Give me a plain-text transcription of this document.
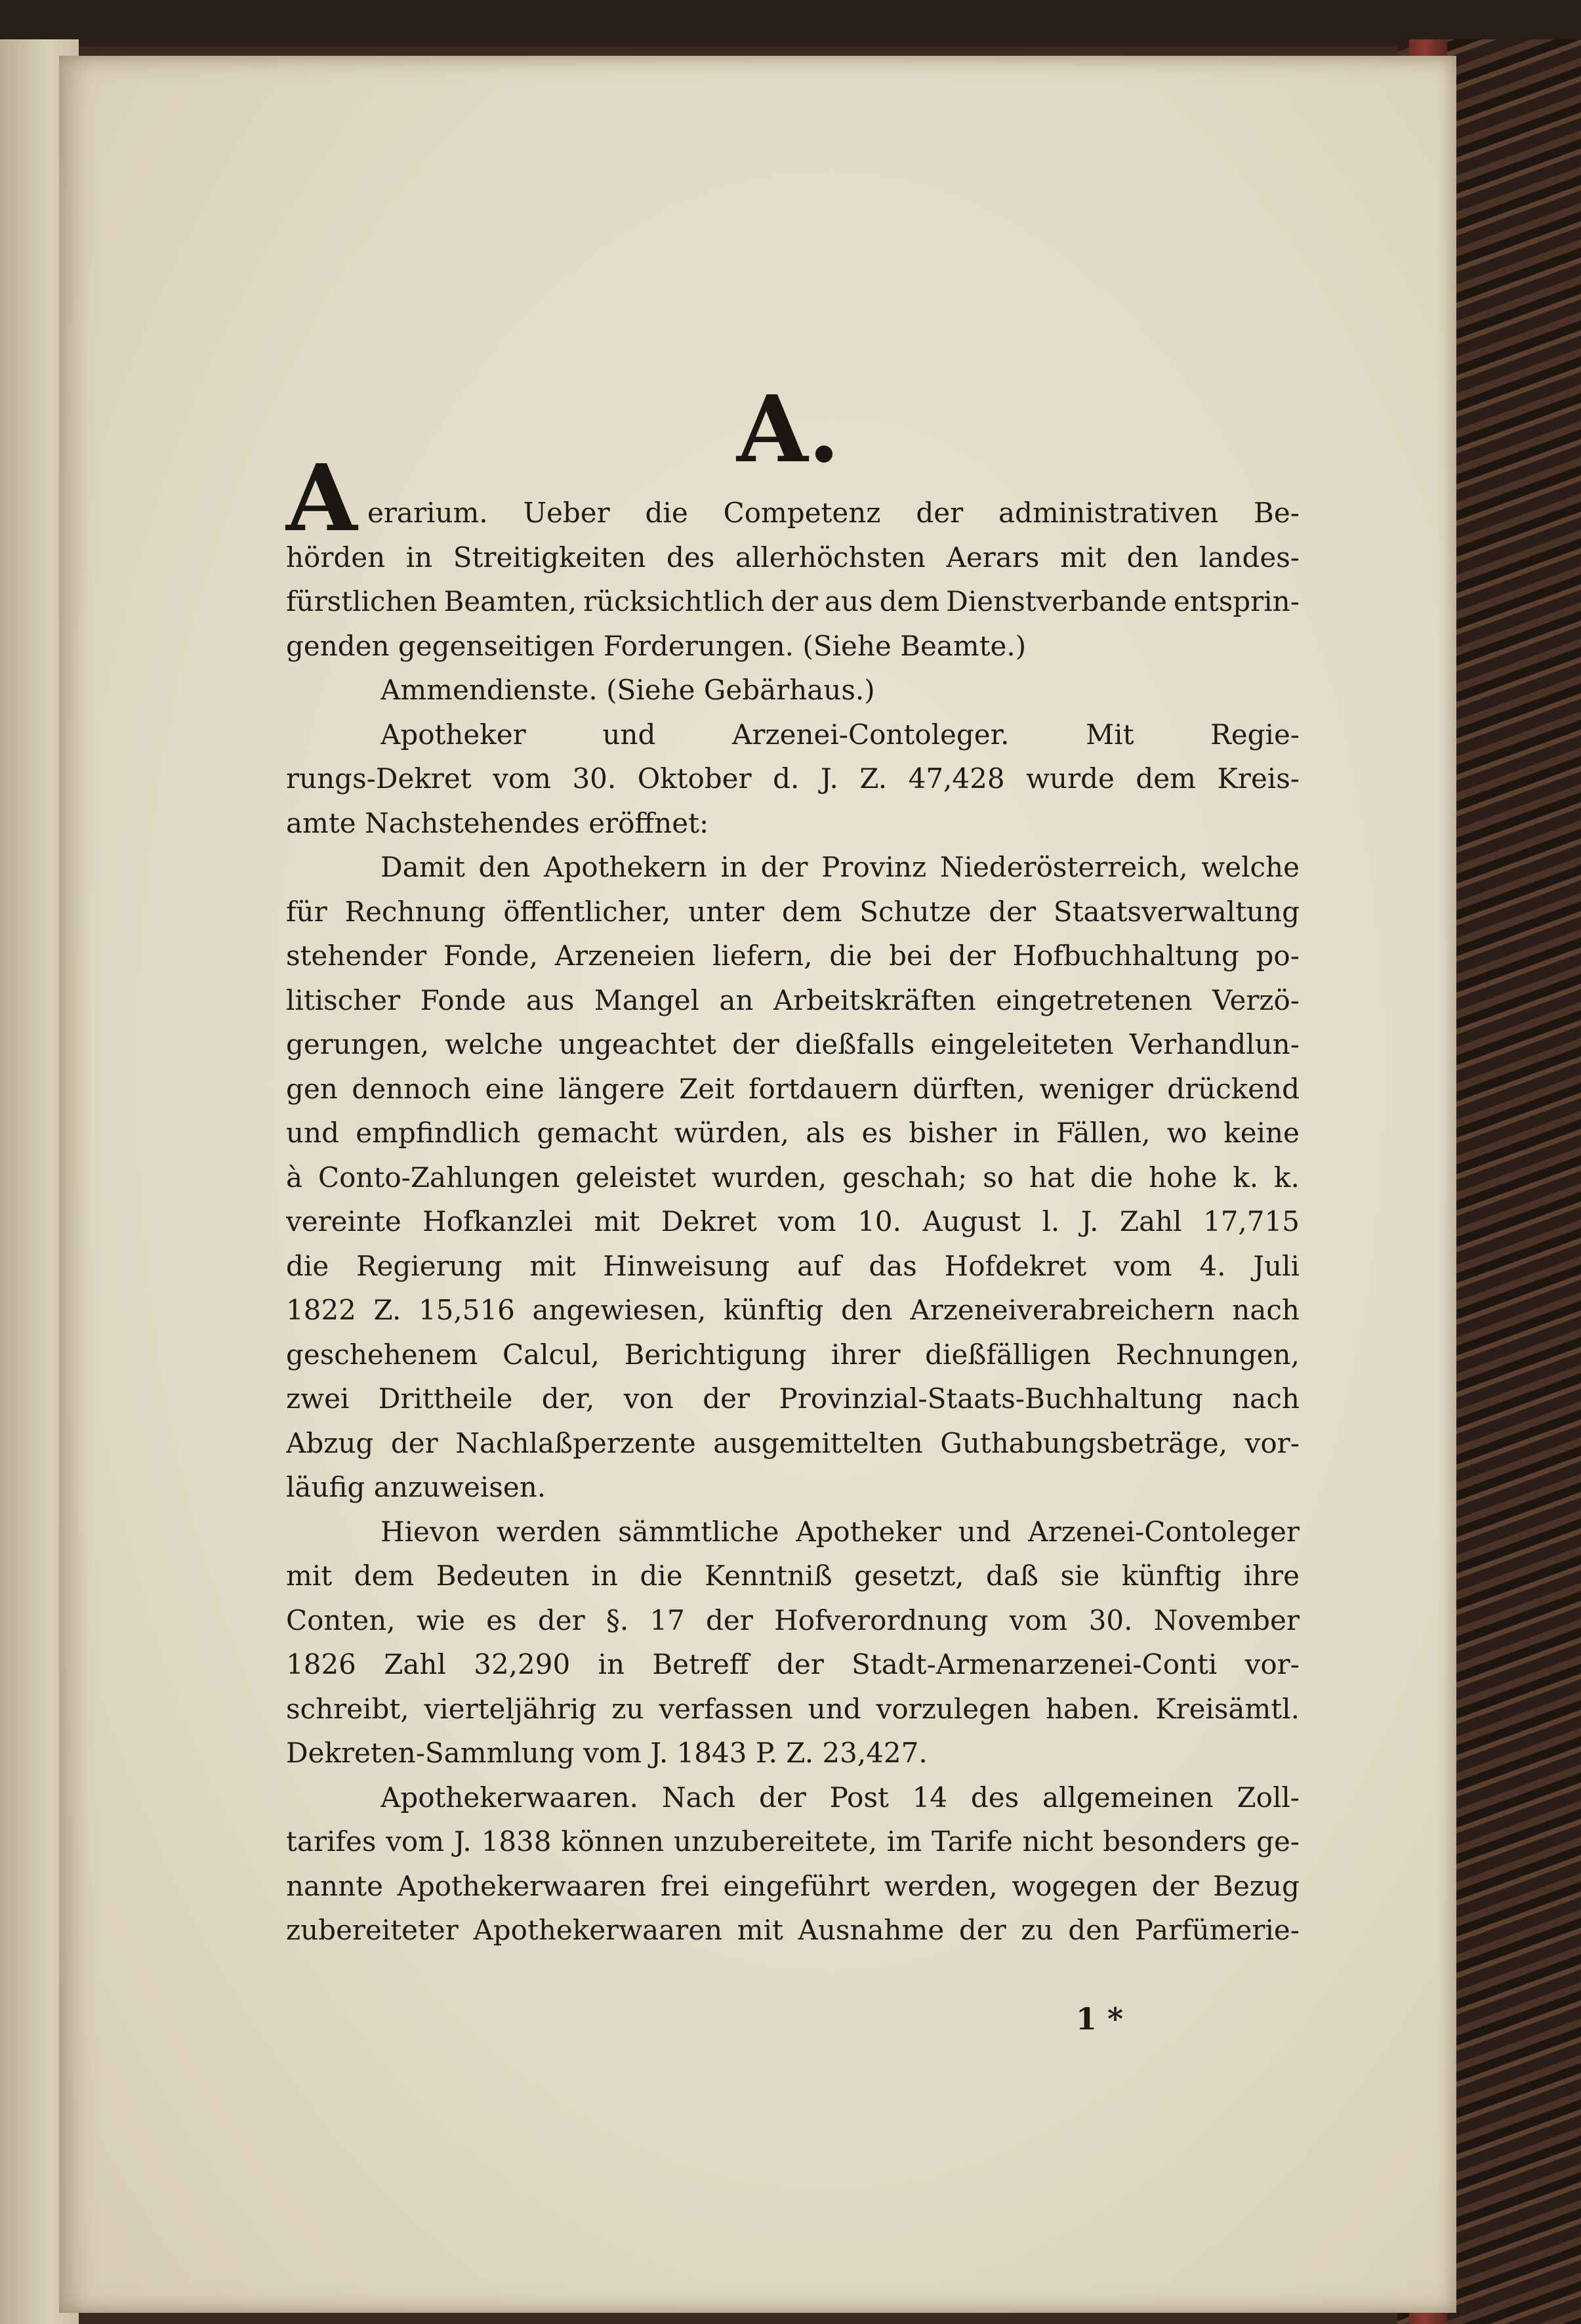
A.
A erarium. Ueber die Competenz der administrativen Be-
hörden in Streitigkeiten des allerhöchsten Aerars mit den landes-
fürstlichen Beamten, rücksichtlich der aus dem Dienstverbande entsprin-
genden gegenseitigen Forderungen. (Siehe Beamte.)
Ammendienste. (Siehe Gebärhaus.)
Apotheker	und	Arzenei-Contoleger.	Mit	Regie-
rungs-Dekret vom 30. Oktober d. J. Z. 47,428 wurde dem Kreis-
amte Nachstehendes eröffnet:
Damit den Apothekern in der Provinz Niederösterreich, welche
für Rechnung öffentlicher, unter dem Schutze der Staatsverwaltung
stehender Fonde, Arzeneien liefern, die bei der Hofbuchhaltung po-
litischer Fonde aus Mangel an Arbeitskräften eingetretenen Verzö-
gerungen, welche ungeachtet der dießfalls eingeleiteten Verhandlun-
gen dennoch eine längere Zeit fortdauern dürften, weniger drückend
und empfindlich gemacht würden, als es bisher in Fällen, wo keine
à Conto-Zahlungen geleistet wurden, geschah; so hat die hohe k. k.
vereinte Hofkanzlei mit Dekret vom 10. August l. J. Zahl 17,715
die Regierung mit Hinweisung auf das Hofdekret vom 4. Juli
1822 Z. 15,516 angewiesen, künftig den Arzeneiverabreichern nach
geschehenem Calcul, Berichtigung ihrer dießfälligen Rechnungen,
zwei Drittheile der, von der Provinzial-Staats-Buchhaltung nach
Abzug der Nachlaßperzente ausgemittelten Guthabungsbeträge, vor-
läufig anzuweisen.
Hievon werden sämmtliche Apotheker und Arzenei-Contoleger
mit dem Bedeuten in die Kenntniß gesetzt, daß sie künftig ihre
Conten, wie es der §. 17 der Hofverordnung vom 30. November
1826 Zahl 32,290 in Betreff der Stadt-Armenarzenei-Conti vor-
schreibt, vierteljährig zu verfassen und vorzulegen haben. Kreisämtl.
Dekreten-Sammlung vom J. 1843 P. Z. 23,427.
Apothekerwaaren. Nach der Post 14 des allgemeinen Zoll-
tarifes vom J. 1838 können unzubereitete, im Tarife nicht besonders ge-
nannte Apothekerwaaren frei eingeführt werden, wogegen der Bezug
zubereiteter Apothekerwaaren mit Ausnahme der zu den Parfümerie-
1 *
